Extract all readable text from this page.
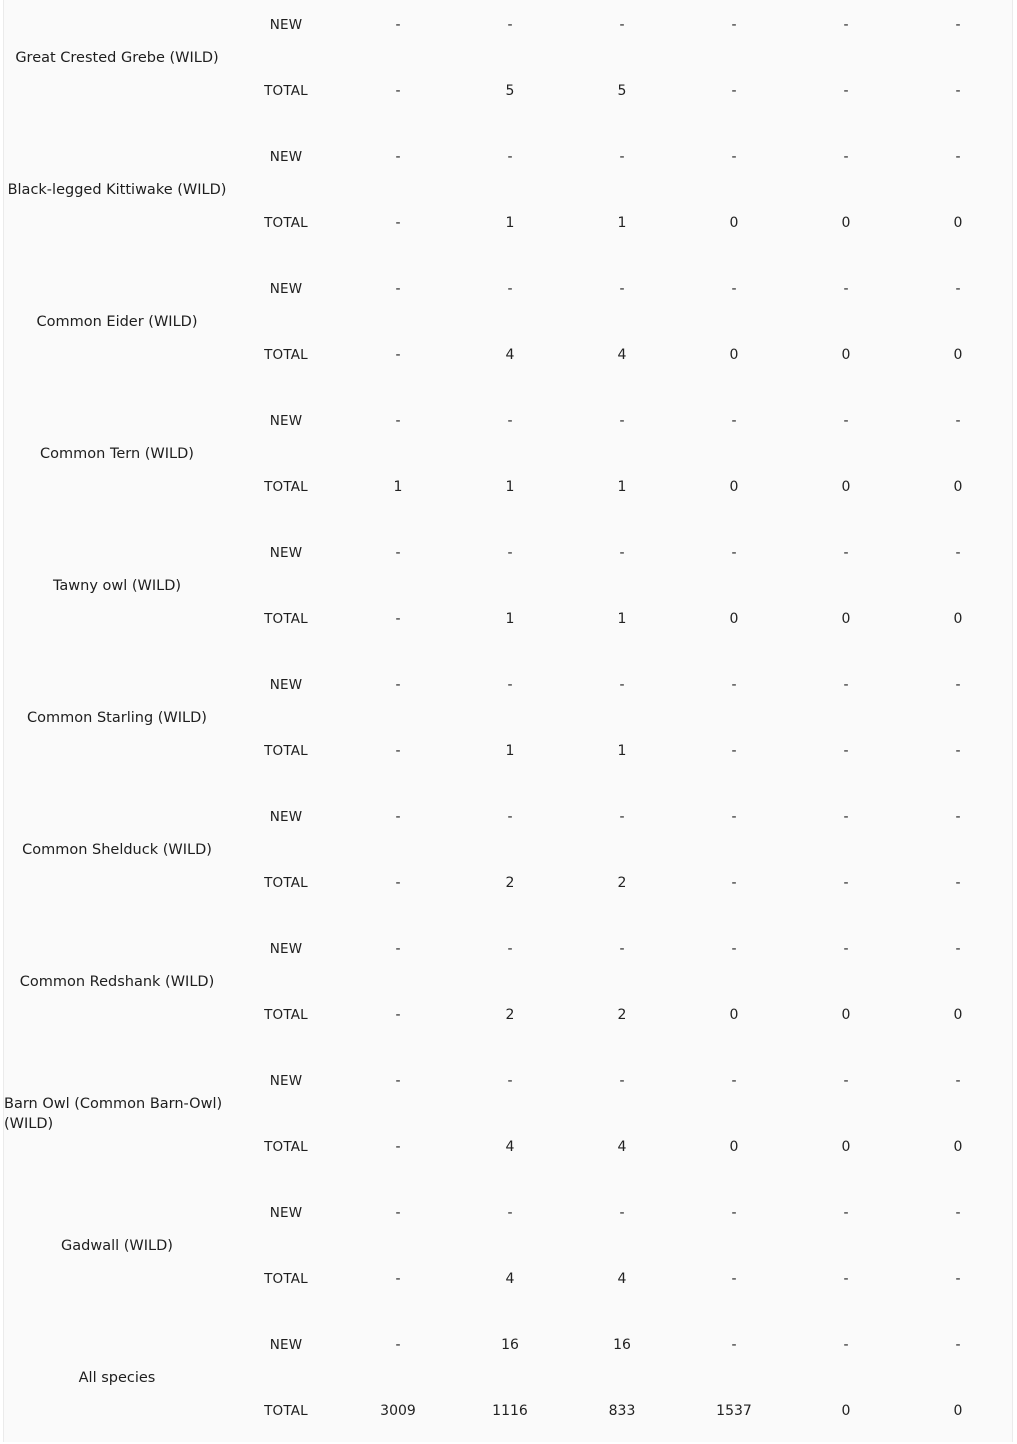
Great Crested Grebe (WILD)	NEW	-	-	-	-	-	-
	TOTAL	-	5	5	-	-	-
Black-legged Kittiwake (WILD)	NEW	-	-	-	-	-	-
	TOTAL	-	1	1	0	0	0
Common Eider (WILD)	NEW	-	-	-	-	-	-
	TOTAL	-	4	4	0	0	0
Common Tern (WILD)	NEW	-	-	-	-	-	-
	TOTAL	1	1	1	0	0	0
Tawny owl (WILD)	NEW	-	-	-	-	-	-
	TOTAL	-	1	1	0	0	0
Common Starling (WILD)	NEW	-	-	-	-	-	-
	TOTAL	-	1	1	-	-	-
Common Shelduck (WILD)	NEW	-	-	-	-	-	-
	TOTAL	-	2	2	-	-	-
Common Redshank (WILD)	NEW	-	-	-	-	-	-
	TOTAL	-	2	2	0	0	0
Barn Owl (Common Barn-Owl) (WILD)	NEW	-	-	-	-	-	-
	TOTAL	-	4	4	0	0	0
Gadwall (WILD)	NEW	-	-	-	-	-	-
	TOTAL	-	4	4	-	-	-
All species	NEW	-	16	16	-	-	-
	TOTAL	3009	1116	833	1537	0	0
